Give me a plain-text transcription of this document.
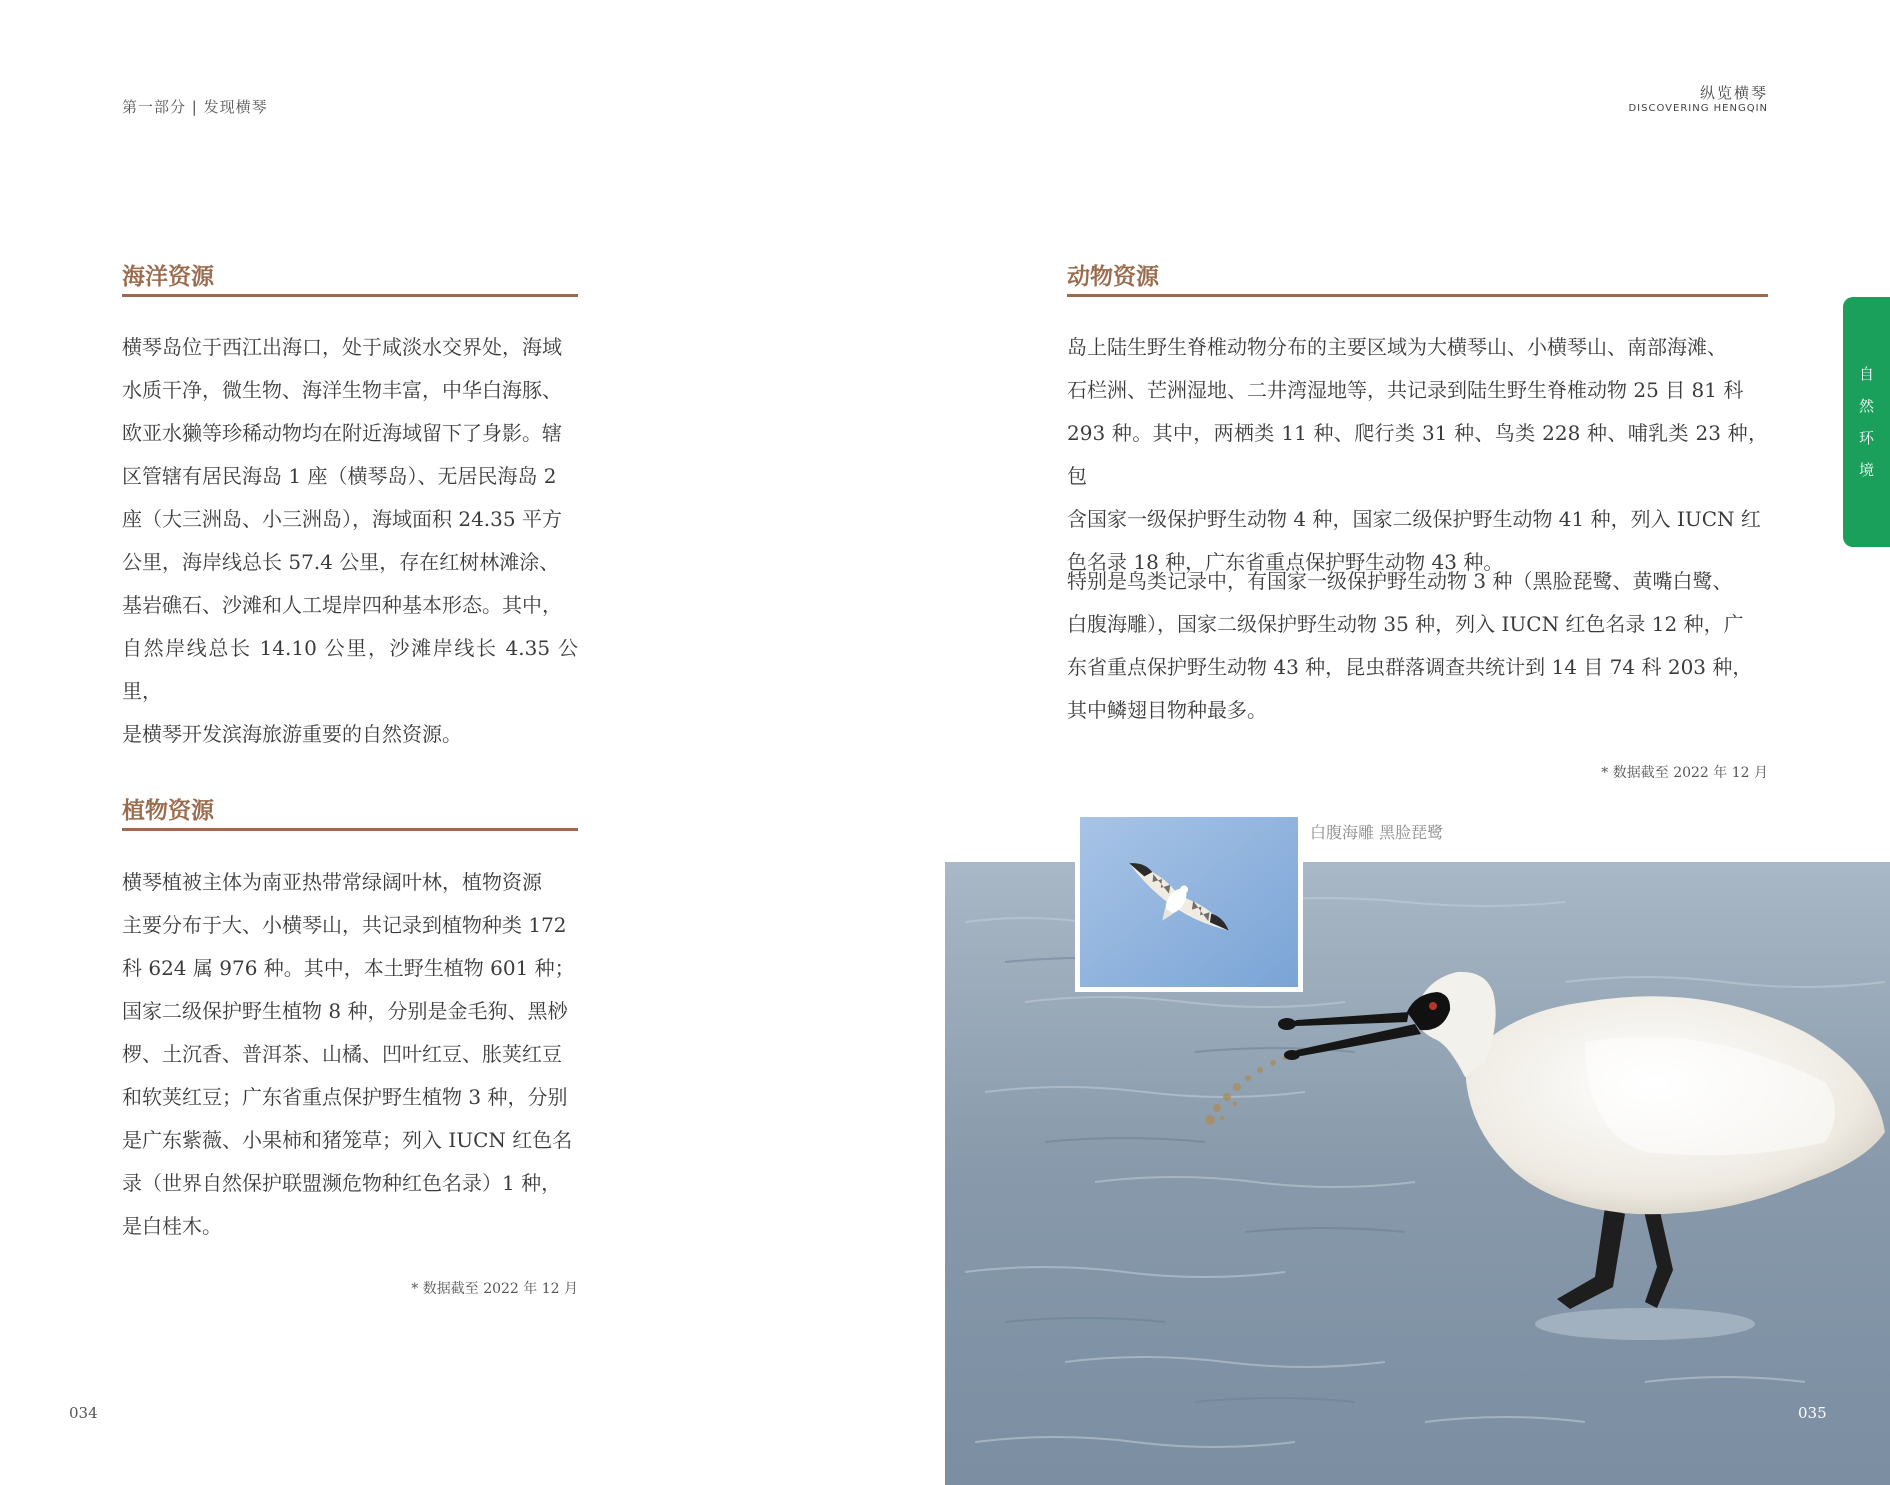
第一部分 | 发现横琴
纵览横琴
DISCOVERING HENGQIN
海洋资源
横琴岛位于西江出海口，处于咸淡水交界处，海域
水质干净，微生物、海洋生物丰富，中华白海豚、
欧亚水獭等珍稀动物均在附近海域留下了身影。辖
区管辖有居民海岛 1 座（横琴岛）、无居民海岛 2
座（大三洲岛、小三洲岛），海域面积 24.35 平方
公里，海岸线总长 57.4 公里，存在红树林滩涂、
基岩礁石、沙滩和人工堤岸四种基本形态。其中，
自然岸线总长 14.10 公里，沙滩岸线长 4.35 公里，
是横琴开发滨海旅游重要的自然资源。
植物资源
横琴植被主体为南亚热带常绿阔叶林，植物资源
主要分布于大、小横琴山，共记录到植物种类 172
科 624 属 976 种。其中，本土野生植物 601 种；
国家二级保护野生植物 8 种，分别是金毛狗、黑桫
椤、土沉香、普洱茶、山橘、凹叶红豆、胀荚红豆
和软荚红豆；广东省重点保护野生植物 3 种，分别
是广东紫薇、小果柿和猪笼草；列入 IUCN 红色名
录（世界自然保护联盟濒危物种红色名录）1 种，
是白桂木。
* 数据截至 2022 年 12 月
动物资源
岛上陆生野生脊椎动物分布的主要区域为大横琴山、小横琴山、南部海滩、
石栏洲、芒洲湿地、二井湾湿地等，共记录到陆生野生脊椎动物 25 目 81 科
293 种。其中，两栖类 11 种、爬行类 31 种、鸟类 228 种、哺乳类 23 种，包
含国家一级保护野生动物 4 种，国家二级保护野生动物 41 种，列入 IUCN 红
色名录 18 种，广东省重点保护野生动物 43 种。
特别是鸟类记录中，有国家一级保护野生动物 3 种（黑脸琵鹭、黄嘴白鹭、
白腹海雕），国家二级保护野生动物 35 种，列入 IUCN 红色名录 12 种，广
东省重点保护野生动物 43 种，昆虫群落调查共统计到 14 目 74 科 203 种，
其中鳞翅目物种最多。
* 数据截至 2022 年 12 月
自
然
环
境
白腹海雕 黑脸琵鹭
034	035
